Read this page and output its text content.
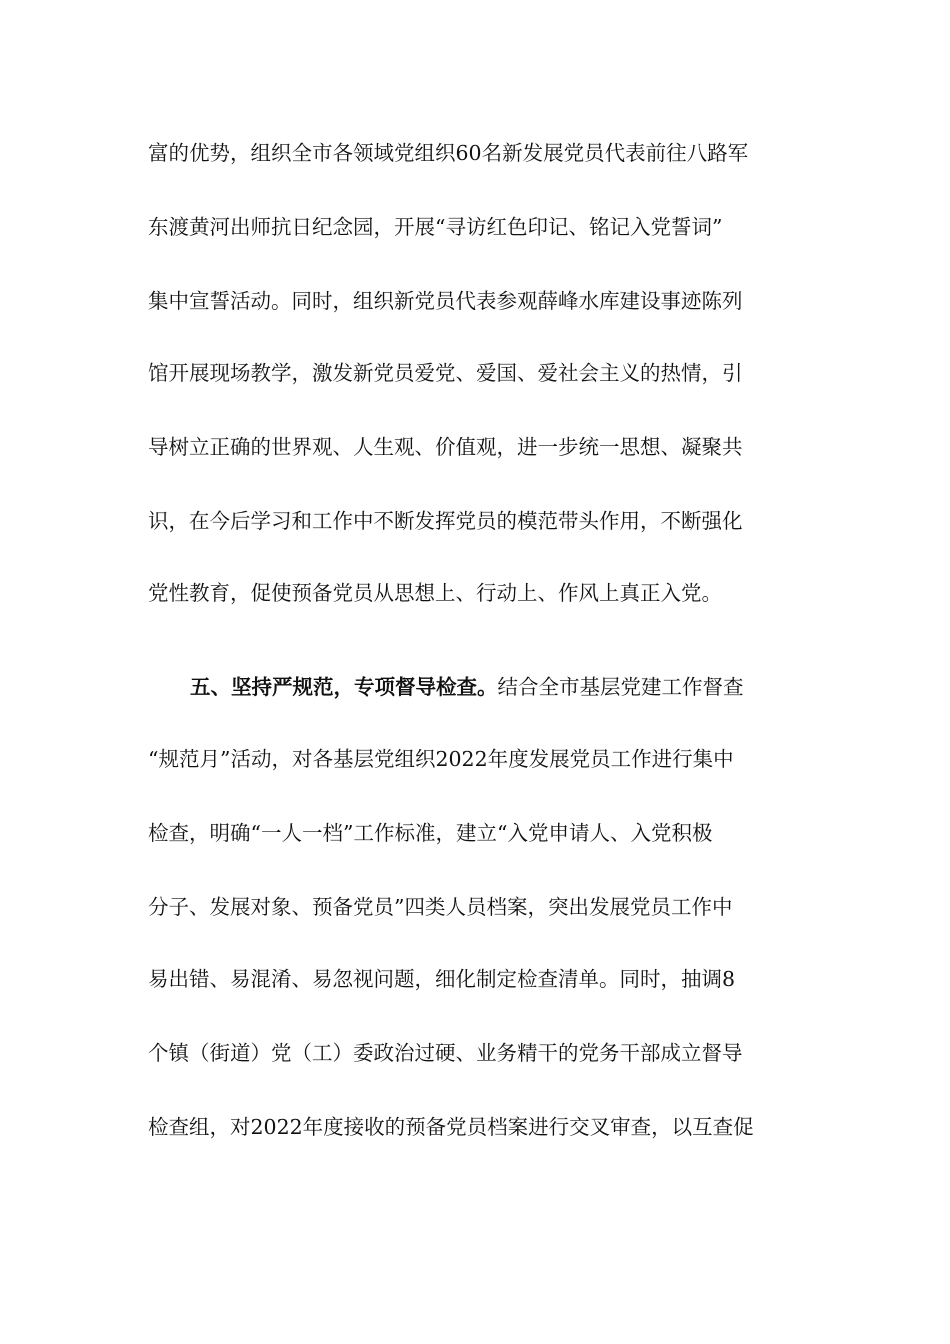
富的优势，组织全市各领域党组织60名新发展党员代表前往八路军
东渡黄河出师抗日纪念园，开展“寻访红色印记、铭记入党誓词”
集中宣誓活动。同时，组织新党员代表参观薛峰水库建设事迹陈列
馆开展现场教学，激发新党员爱党、爱国、爱社会主义的热情，引
导树立正确的世界观、人生观、价值观，进一步统一思想、凝聚共
识，在今后学习和工作中不断发挥党员的模范带头作用，不断强化
党性教育，促使预备党员从思想上、行动上、作风上真正入党。
五、坚持严规范，专项督导检查。结合全市基层党建工作督查
“规范月”活动，对各基层党组织2022年度发展党员工作进行集中
检查，明确“一人一档”工作标准，建立“入党申请人、入党积极
分子、发展对象、预备党员”四类人员档案，突出发展党员工作中
易出错、易混淆、易忽视问题，细化制定检查清单。同时，抽调8
个镇（街道）党（工）委政治过硬、业务精干的党务干部成立督导
检查组，对2022年度接收的预备党员档案进行交叉审查，以互查促
